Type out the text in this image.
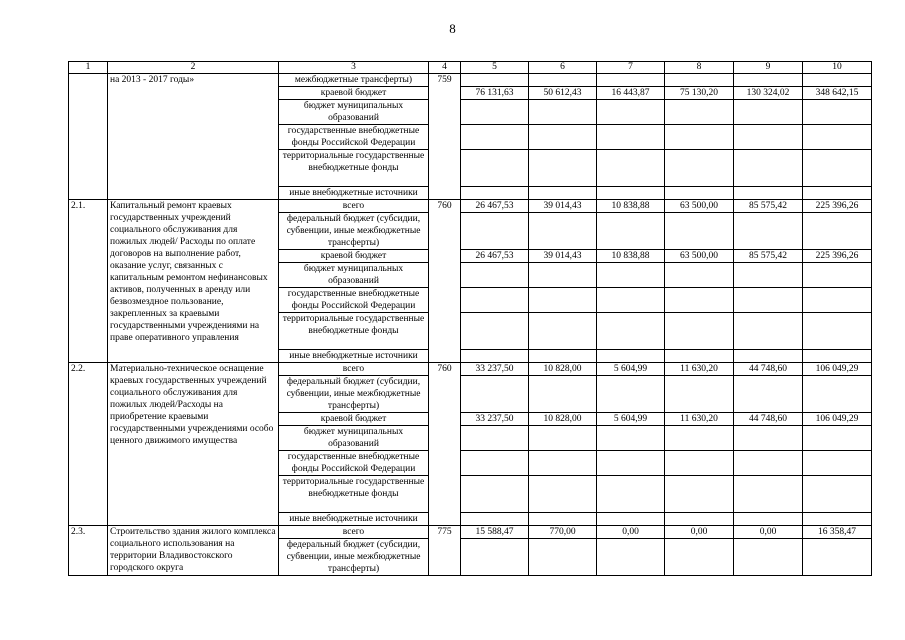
8
1	2	3	4	5	6	7	8	9	10
	на 2013 - 2017 годы»	межбюджетные трансферты)	759						
		краевой бюджет		76 131,63	50 612,43	16 443,87	75 130,20	130 324,02	348 642,15
		бюджет муниципальных образований							
		государственные внебюджетные фонды Российской Федерации							
		территориальные государственные внебюджетные фонды							
		иные внебюджетные источники							
2.1.	Капитальный ремонт краевых государственных учреждений социального обслуживания для пожилых людей/ Расходы по оплате договоров на выполнение работ, оказание услуг, связанных с капитальным ремонтом нефинансовых активов, полученных в аренду или безвозмездное пользование, закрепленных за краевыми государственными учреждениями на праве оперативного управления	всего	760	26 467,53	39 014,43	10 838,88	63 500,00	85 575,42	225 396,26
		федеральный бюджет (субсидии, субвенции, иные межбюджетные трансферты)							
		краевой бюджет		26 467,53	39 014,43	10 838,88	63 500,00	85 575,42	225 396,26
		бюджет муниципальных образований							
		государственные внебюджетные фонды Российской Федерации							
		территориальные государственные внебюджетные фонды							
		иные внебюджетные источники							
2.2.	Материально-техническое оснащение краевых государственных учреждений социального обслуживания для пожилых людей/Расходы на приобретение краевыми государственными учреждениями особо ценного движимого имущества	всего	760	33 237,50	10 828,00	5 604,99	11 630,20	44 748,60	106 049,29
		федеральный бюджет (субсидии, субвенции, иные межбюджетные трансферты)							
		краевой бюджет		33 237,50	10 828,00	5 604,99	11 630,20	44 748,60	106 049,29
		бюджет муниципальных образований							
		государственные внебюджетные фонды Российской Федерации							
		территориальные государственные внебюджетные фонды							
		иные внебюджетные источники							
2.3.	Строительство здания жилого комплекса социального использования на территории Владивостокского городского округа	всего	775	15 588,47	770,00	0,00	0,00	0,00	16 358,47
		федеральный бюджет (субсидии, субвенции, иные межбюджетные трансферты)							
